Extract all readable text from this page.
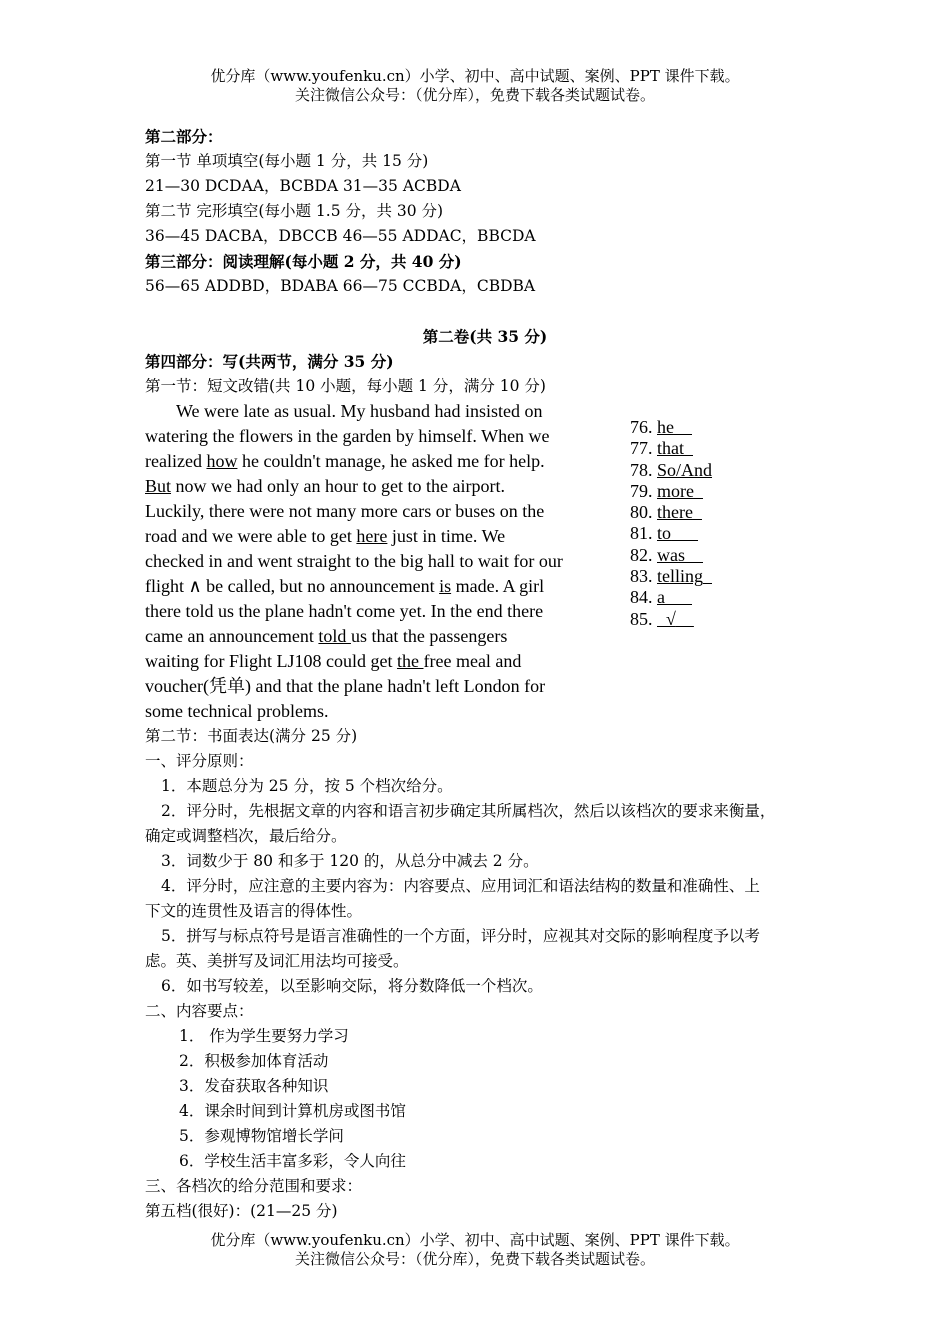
优分库（www.youfenku.cn）小学、初中、高中试题、案例、PPT 课件下载。
关注微信公众号：（优分库），免费下载各类试题试卷。
第二部分：
第一节 单项填空(每小题 1 分，共 15 分)
21—30 DCDAA，BCBDA 31—35 ACBDA
第二节 完形填空(每小题 1.5 分，共 30 分)
36—45 DACBA，DBCCB 46—55 ADDAC，BBCDA
第三部分：阅读理解(每小题 2 分，共 40 分)
56—65 ADDBD，BDABA 66—75 CCBDA，CBDBA
第二卷(共 35 分)
第四部分：写(共两节，满分 35 分)
第一节：短文改错(共 10 小题，每小题 1 分，满分 10 分)
We were late as usual. My husband had insisted on
watering the flowers in the garden by himself. When we
realized how he couldn't manage, he asked me for help.
But now we had only an hour to get to the airport.
Luckily, there were not many more cars or buses on the
road and we were able to get here just in time. We
checked in and went straight to the big hall to wait for our
flight ∧ be called, but no announcement is made. A girl
there told us the plane hadn't come yet. In the end there
came an announcement told us that the passengers
waiting for Flight LJ108 could get the free meal and
voucher(凭单) and that the plane hadn't left London for
some technical problems.
第二节：书面表达(满分 25 分)
一、评分原则：
1．本题总分为 25 分，按 5 个档次给分。
2．评分时，先根据文章的内容和语言初步确定其所属档次，然后以该档次的要求来衡量，
确定或调整档次，最后给分。
3．词数少于 80 和多于 120 的，从总分中减去 2 分。
4．评分时，应注意的主要内容为：内容要点、应用词汇和语法结构的数量和准确性、上
下文的连贯性及语言的得体性。
5．拼写与标点符号是语言准确性的一个方面，评分时，应视其对交际的影响程度予以考
虑。英、美拼写及词汇用法均可接受。
6．如书写较差，以至影响交际，将分数降低一个档次。
二、内容要点：
1． 作为学生要努力学习
2．积极参加体育活动
3．发奋获取各种知识
4．课余时间到计算机房或图书馆
5．参观博物馆增长学问
6．学校生活丰富多彩，令人向往
三、各档次的给分范围和要求：
第五档(很好)：(21—25 分)
76. he
77. that
78. So/And
79. more
80. there
81. to
82. was
83. telling
84. a
85. √
优分库（www.youfenku.cn）小学、初中、高中试题、案例、PPT 课件下载。
关注微信公众号：（优分库），免费下载各类试题试卷。
